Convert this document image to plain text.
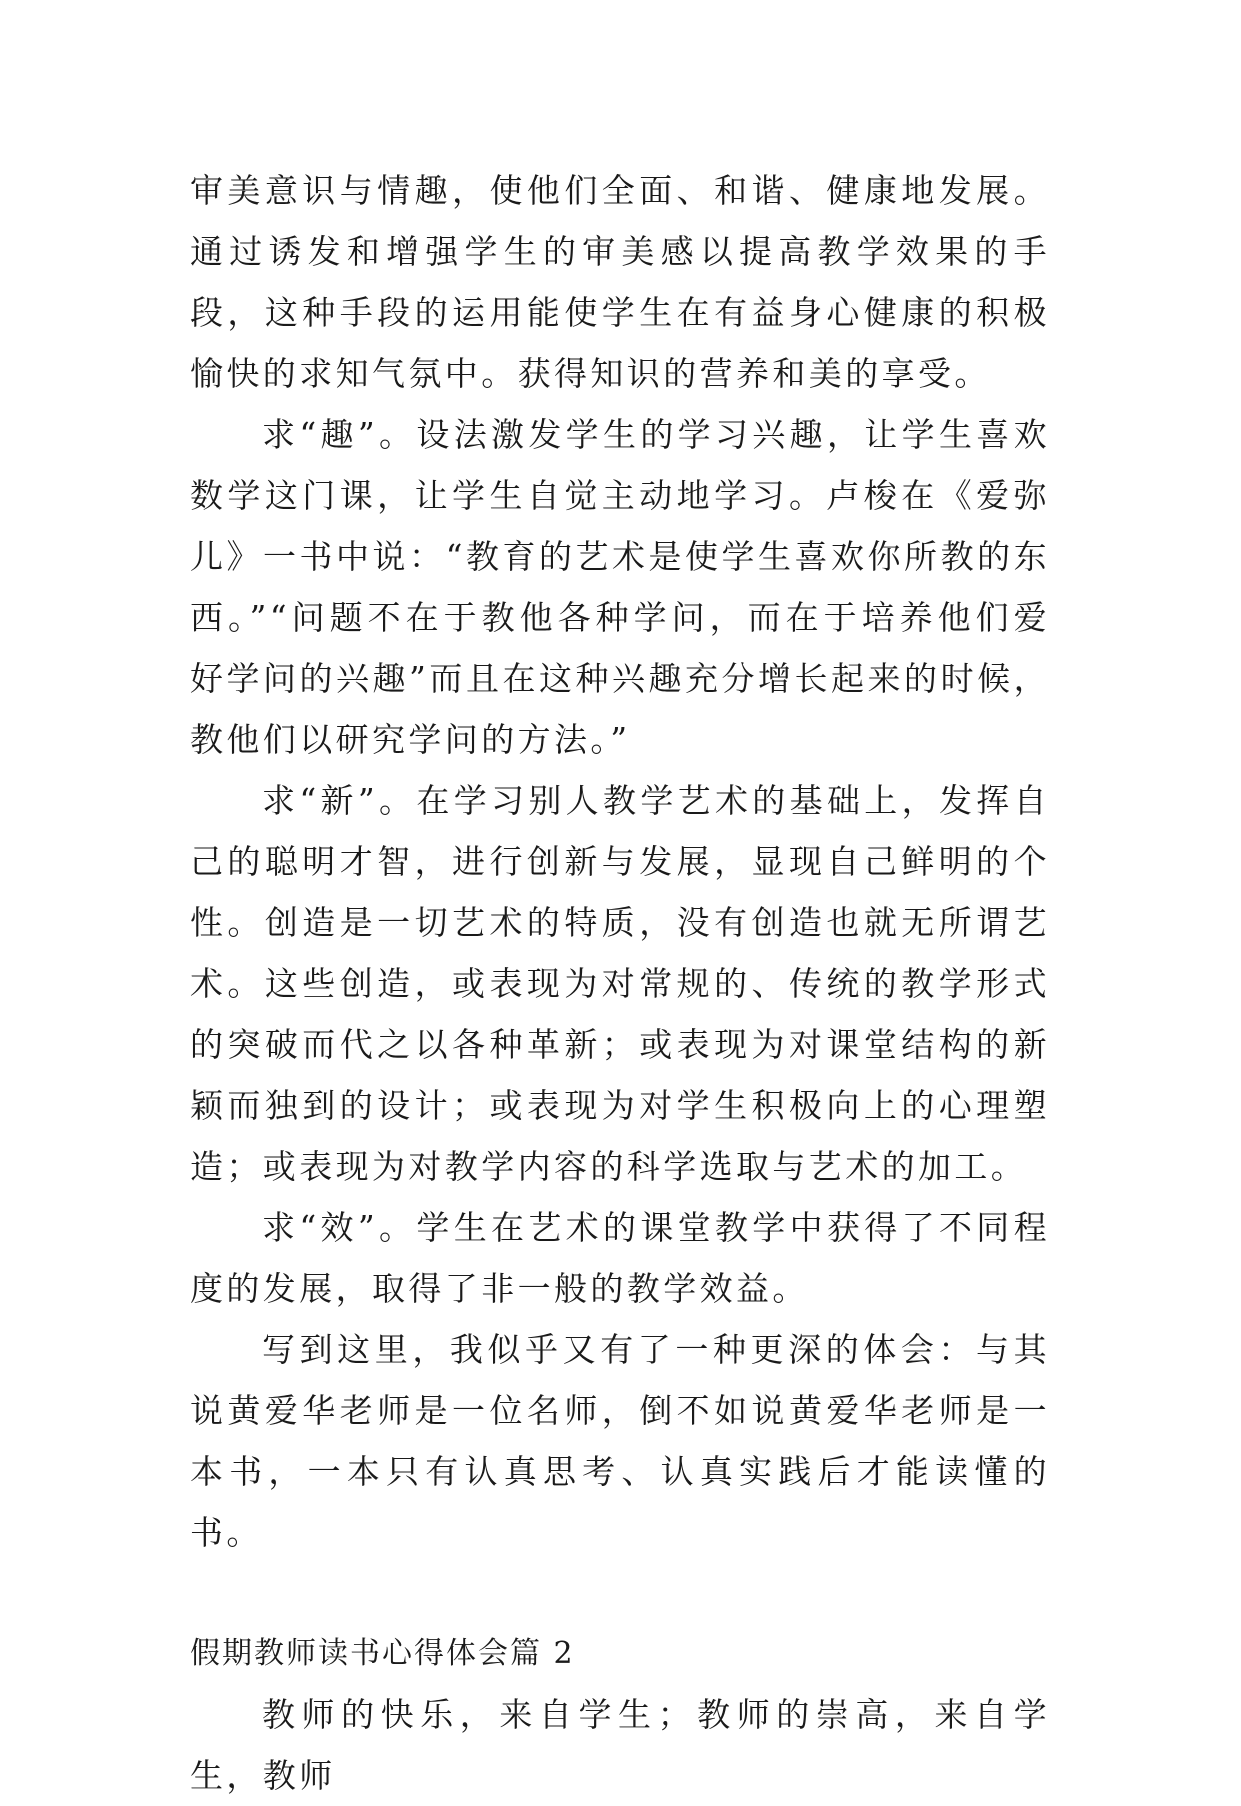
审美意识与情趣，使他们全面、和谐、健康地发展。通过诱发和增强学生的审美感以提高教学效果的手段，这种手段的运用能使学生在有益身心健康的积极愉快的求知气氛中。获得知识的营养和美的享受。

求“趣”。设法激发学生的学习兴趣，让学生喜欢数学这门课，让学生自觉主动地学习。卢梭在《爱弥儿》一书中说：“教育的艺术是使学生喜欢你所教的东西。”“问题不在于教他各种学问，而在于培养他们爱好学问的兴趣”而且在这种兴趣充分增长起来的时候，教他们以研究学问的方法。”

求“新”。在学习别人教学艺术的基础上，发挥自己的聪明才智，进行创新与发展，显现自己鲜明的个性。创造是一切艺术的特质，没有创造也就无所谓艺术。这些创造，或表现为对常规的、传统的教学形式的突破而代之以各种革新；或表现为对课堂结构的新颖而独到的设计；或表现为对学生积极向上的心理塑造；或表现为对教学内容的科学选取与艺术的加工。

求“效”。学生在艺术的课堂教学中获得了不同程度的发展，取得了非一般的教学效益。

写到这里，我似乎又有了一种更深的体会：与其说黄爱华老师是一位名师，倒不如说黄爱华老师是一本书，一本只有认真思考、认真实践后才能读懂的书。

假期教师读书心得体会篇 2

教师的快乐，来自学生；教师的崇高，来自学生，教师
